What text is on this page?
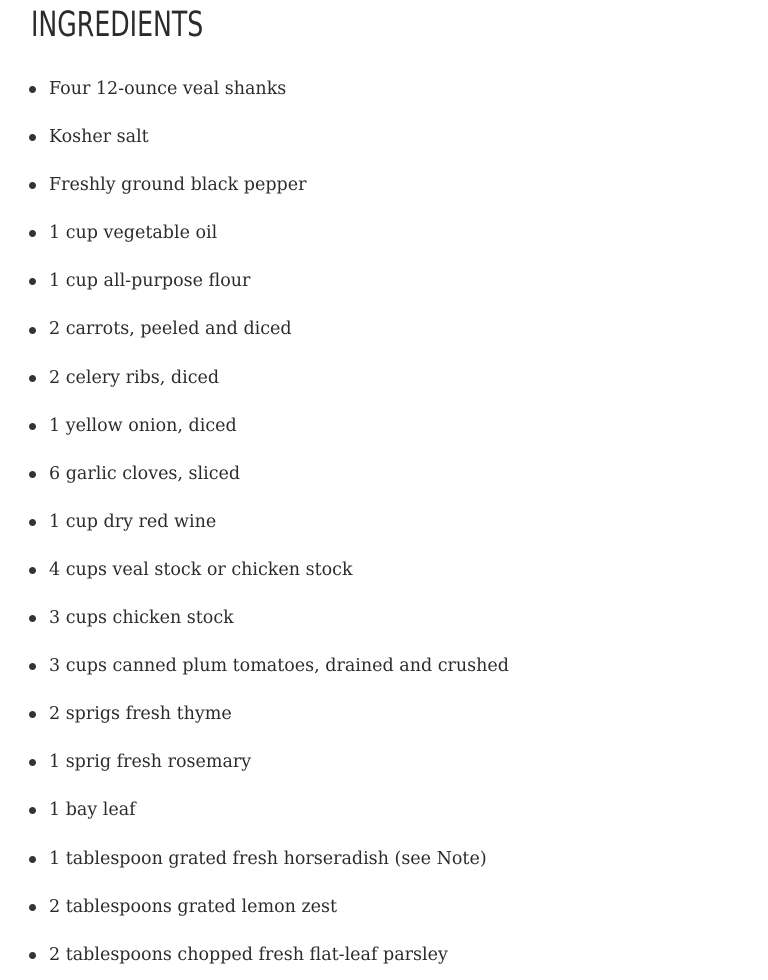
INGREDIENTS
Four 12-ounce veal shanks
Kosher salt
Freshly ground black pepper
1 cup vegetable oil
1 cup all-purpose flour
2 carrots, peeled and diced
2 celery ribs, diced
1 yellow onion, diced
6 garlic cloves, sliced
1 cup dry red wine
4 cups veal stock or chicken stock
3 cups chicken stock
3 cups canned plum tomatoes, drained and crushed
2 sprigs fresh thyme
1 sprig fresh rosemary
1 bay leaf
1 tablespoon grated fresh horseradish (see Note)
2 tablespoons grated lemon zest
2 tablespoons chopped fresh flat-leaf parsley
